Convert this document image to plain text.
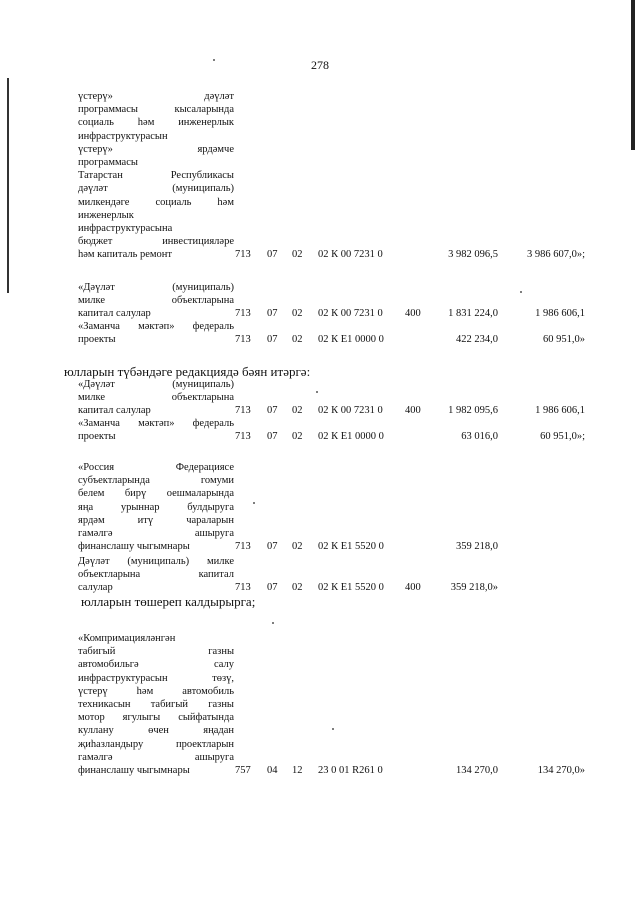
278
үстерү» дәүләт
программасы кысаларында
социаль һәм инженерлык
инфраструктурасын
үстерү» ярдәмче
программасы
Татарстан Республикасы
дәүләт (муниципаль)
милкендәге социаль һәм
инженерлык
инфраструктурасына
бюджет инвестицияләре
һәм капиталь ремонт	713 07 02 02 К 00 7231 0	3 982 096,5	3 986 607,0»;
«Дәүләт (муниципаль)
милке объектларына
капитал салулар	713 07 02 02 К 00 7231 0 400	1 831 224,0	1 986 606,1
«Заманча мәктәп» федераль
проекты	713 07 02 02 К Е1 0000 0	422 234,0	60 951,0»
юлларын түбәндәге редакциядә бәян итәргә:
«Дәүләт (муниципаль)
милке объектларына
капитал салулар	713 07 02 02 К 00 7231 0 400	1 982 095,6	1 986 606,1
«Заманча мәктәп» федераль
проекты	713 07 02 02 К Е1 0000 0	63 016,0	60 951,0»;
«Россия Федерациясе
субъектларында гомуми
белем бирү оешмаларында
яңа урыннар булдыруга
ярдәм итү чараларын
гамәлгә ашыруга
финанслашу чыгымнары	713 07 02 02 К Е1 5520 0	359 218,0
Дәүләт (муниципаль) милке
объектларына капитал
салулар	713 07 02 02 К Е1 5520 0 400	359 218,0»
юлларын төшереп калдырырга;
«Компримацияләнгән
табигый газны
автомобильгә салу
инфраструктурасын төзү,
үстерү һәм автомобиль
техникасын табигый газны
мотор ягулыгы сыйфатында
куллану өчен яңадан
җиһазландыру проектларын
гамәлгә ашыруга
финанслашу чыгымнары	757 04 12 23 0 01 R261 0	134 270,0	134 270,0»
